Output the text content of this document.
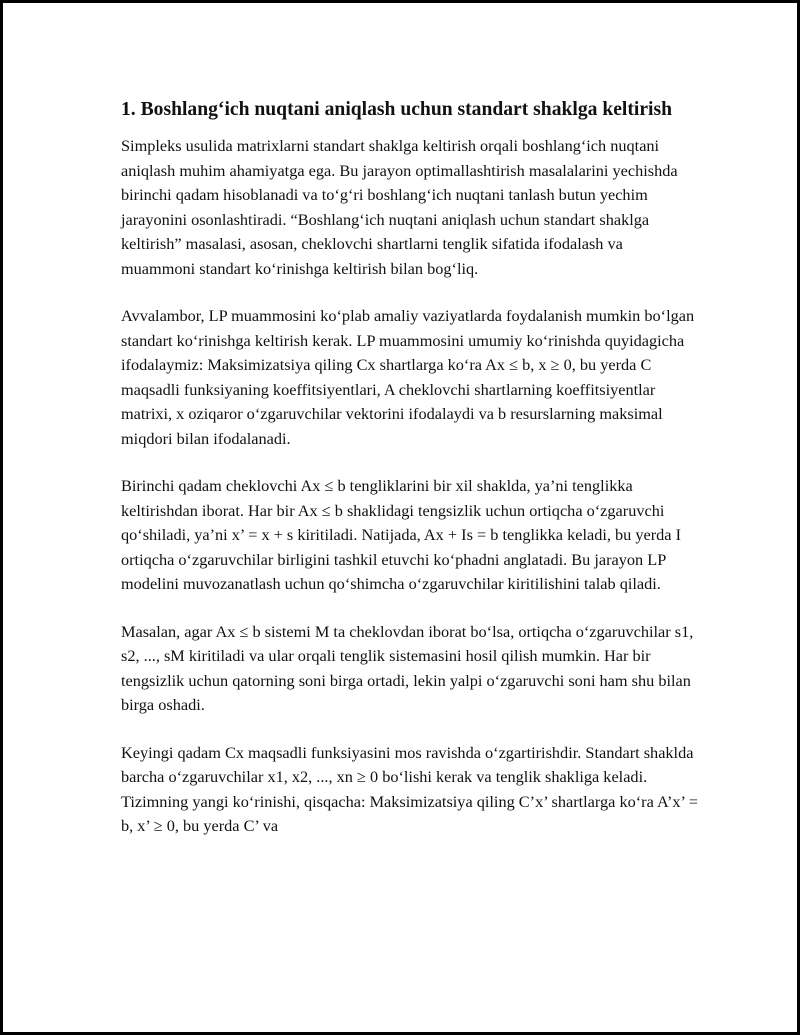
1. Boshlang‘ich nuqtani aniqlash uchun standart shaklga keltirish

Simpleks usulida matrixlarni standart shaklga keltirish orqali boshlang‘ich nuqtani aniqlash muhim ahamiyatga ega. Bu jarayon optimallashtirish masalalarini yechishda birinchi qadam hisoblanadi va to‘g‘ri boshlang‘ich nuqtani tanlash butun yechim jarayonini osonlashtiradi. “Boshlang‘ich nuqtani aniqlash uchun standart shaklga keltirish” masalasi, asosan, cheklovchi shartlarni tenglik sifatida ifodalash va muammoni standart ko‘rinishga keltirish bilan bog‘liq.

Avvalambor, LP muammosini ko‘plab amaliy vaziyatlarda foydalanish mumkin bo‘lgan standart ko‘rinishga keltirish kerak. LP muammosini umumiy ko‘rinishda quyidagicha ifodalaymiz: Maksimizatsiya qiling Cx shartlarga ko‘ra Ax ≤ b, x ≥ 0, bu yerda C maqsadli funksiyaning koeffitsiyentlari, A cheklovchi shartlarning koeffitsiyentlar matrixi, x oziqaror o‘zgaruvchilar vektorini ifodalaydi va b resurslarning maksimal miqdori bilan ifodalanadi.

Birinchi qadam cheklovchi Ax ≤ b tengliklarini bir xil shaklda, ya’ni tenglikka keltirishdan iborat. Har bir Ax ≤ b shaklidagi tengsizlik uchun ortiqcha o‘zgaruvchi qo‘shiladi, ya’ni x’ = x + s kiritiladi. Natijada, Ax + Is = b tenglikka keladi, bu yerda I ortiqcha o‘zgaruvchilar birligini tashkil etuvchi ko‘phadni anglatadi. Bu jarayon LP modelini muvozanatlash uchun qo‘shimcha o‘zgaruvchilar kiritilishini talab qiladi.

Masalan, agar Ax ≤ b sistemi M ta cheklovdan iborat bo‘lsa, ortiqcha o‘zgaruvchilar s1, s2, ..., sM kiritiladi va ular orqali tenglik sistemasini hosil qilish mumkin. Har bir tengsizlik uchun qatorning soni birga ortadi, lekin yalpi o‘zgaruvchi soni ham shu bilan birga oshadi.

Keyingi qadam Cx maqsadli funksiyasini mos ravishda o‘zgartirishdir. Standart shaklda barcha o‘zgaruvchilar x1, x2, ..., xn ≥ 0 bo‘lishi kerak va tenglik shakliga keladi. Tizimning yangi ko‘rinishi, qisqacha: Maksimizatsiya qiling C’x’ shartlarga ko‘ra A’x’ = b, x’ ≥ 0, bu yerda C’ va
